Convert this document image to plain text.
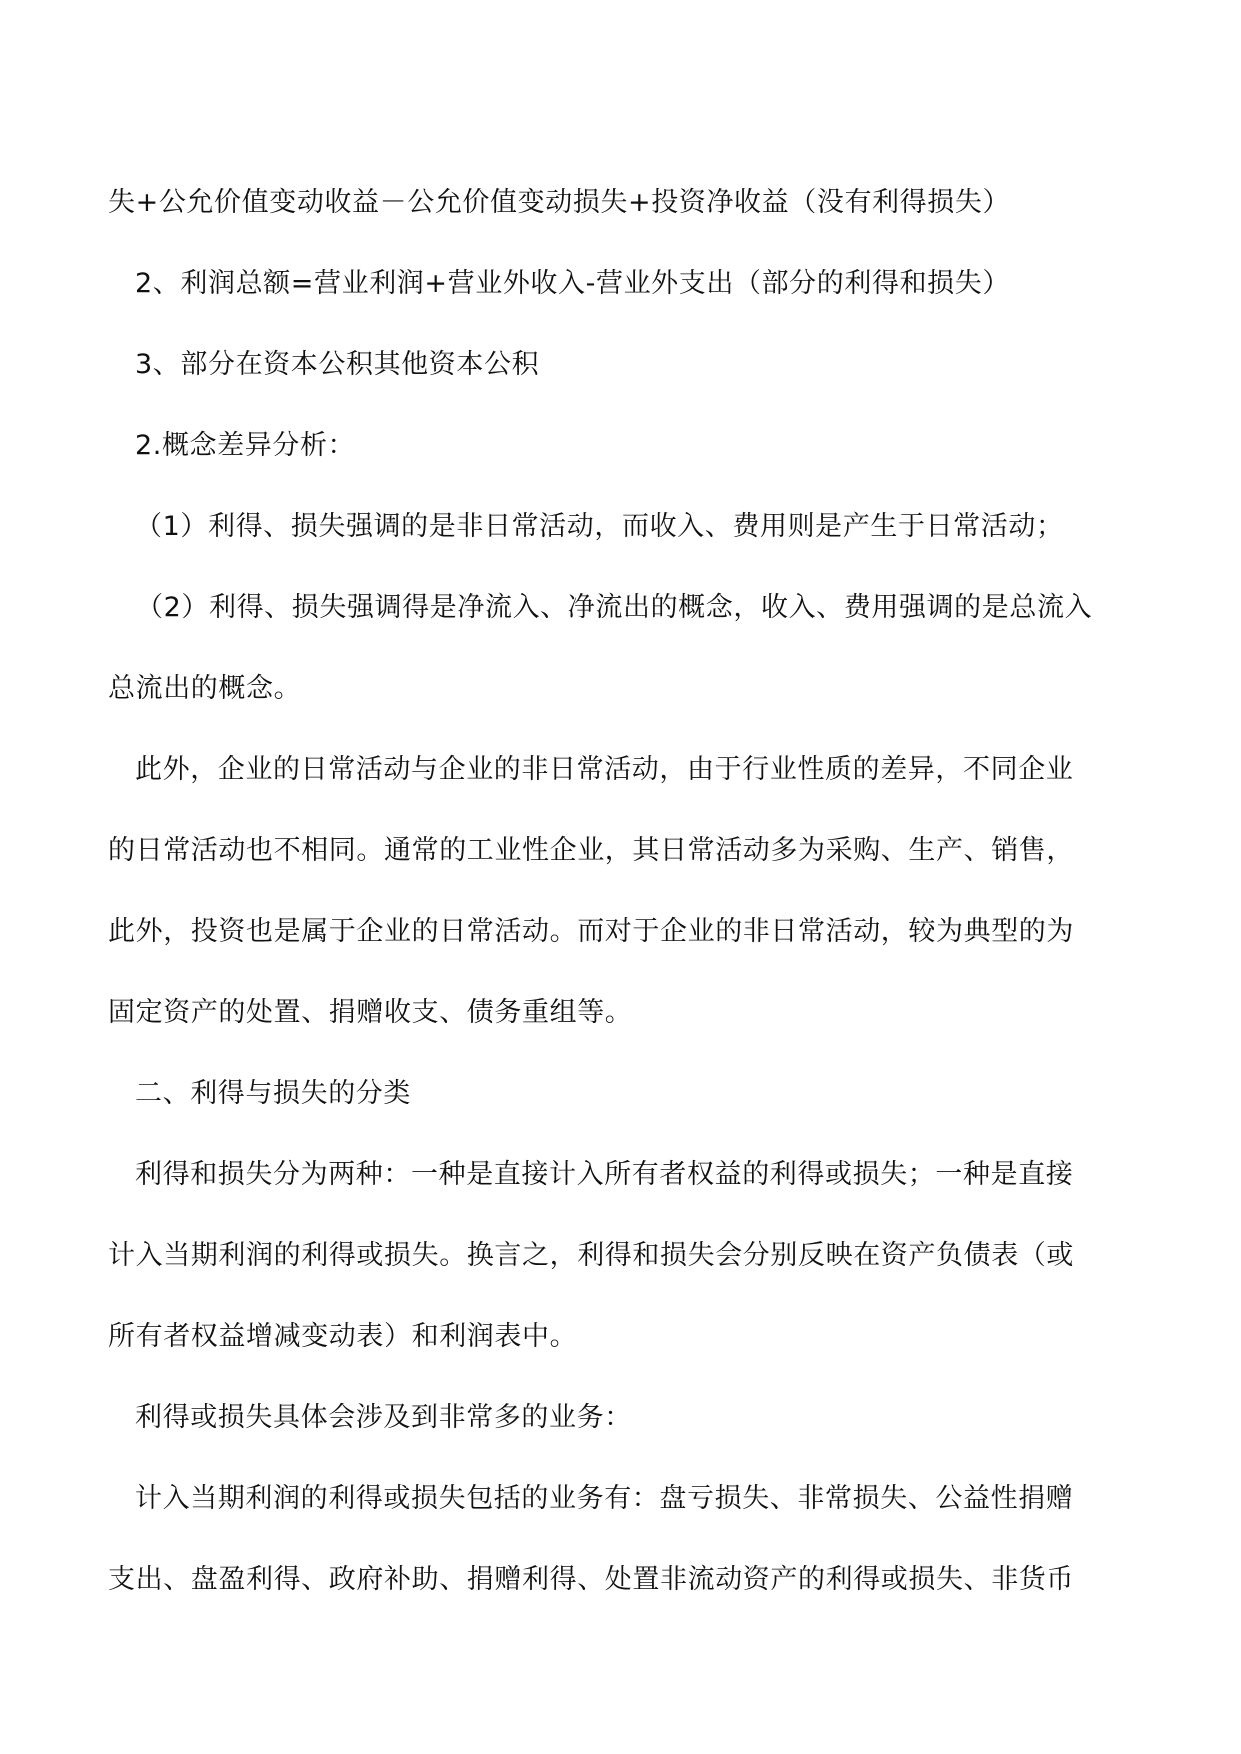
失+公允价值变动收益－公允价值变动损失+投资净收益（没有利得损失）

2、利润总额=营业利润+营业外收入-营业外支出（部分的利得和损失）

3、部分在资本公积其他资本公积

2.概念差异分析：

（1）利得、损失强调的是非日常活动，而收入、费用则是产生于日常活动；

（2）利得、损失强调得是净流入、净流出的概念，收入、费用强调的是总流入

总流出的概念。

此外，企业的日常活动与企业的非日常活动，由于行业性质的差异，不同企业

的日常活动也不相同。通常的工业性企业，其日常活动多为采购、生产、销售，

此外，投资也是属于企业的日常活动。而对于企业的非日常活动，较为典型的为

固定资产的处置、捐赠收支、债务重组等。

二、利得与损失的分类

利得和损失分为两种：一种是直接计入所有者权益的利得或损失；一种是直接

计入当期利润的利得或损失。换言之，利得和损失会分别反映在资产负债表（或

所有者权益增减变动表）和利润表中。

利得或损失具体会涉及到非常多的业务：

计入当期利润的利得或损失包括的业务有：盘亏损失、非常损失、公益性捐赠

支出、盘盈利得、政府补助、捐赠利得、处置非流动资产的利得或损失、非货币
